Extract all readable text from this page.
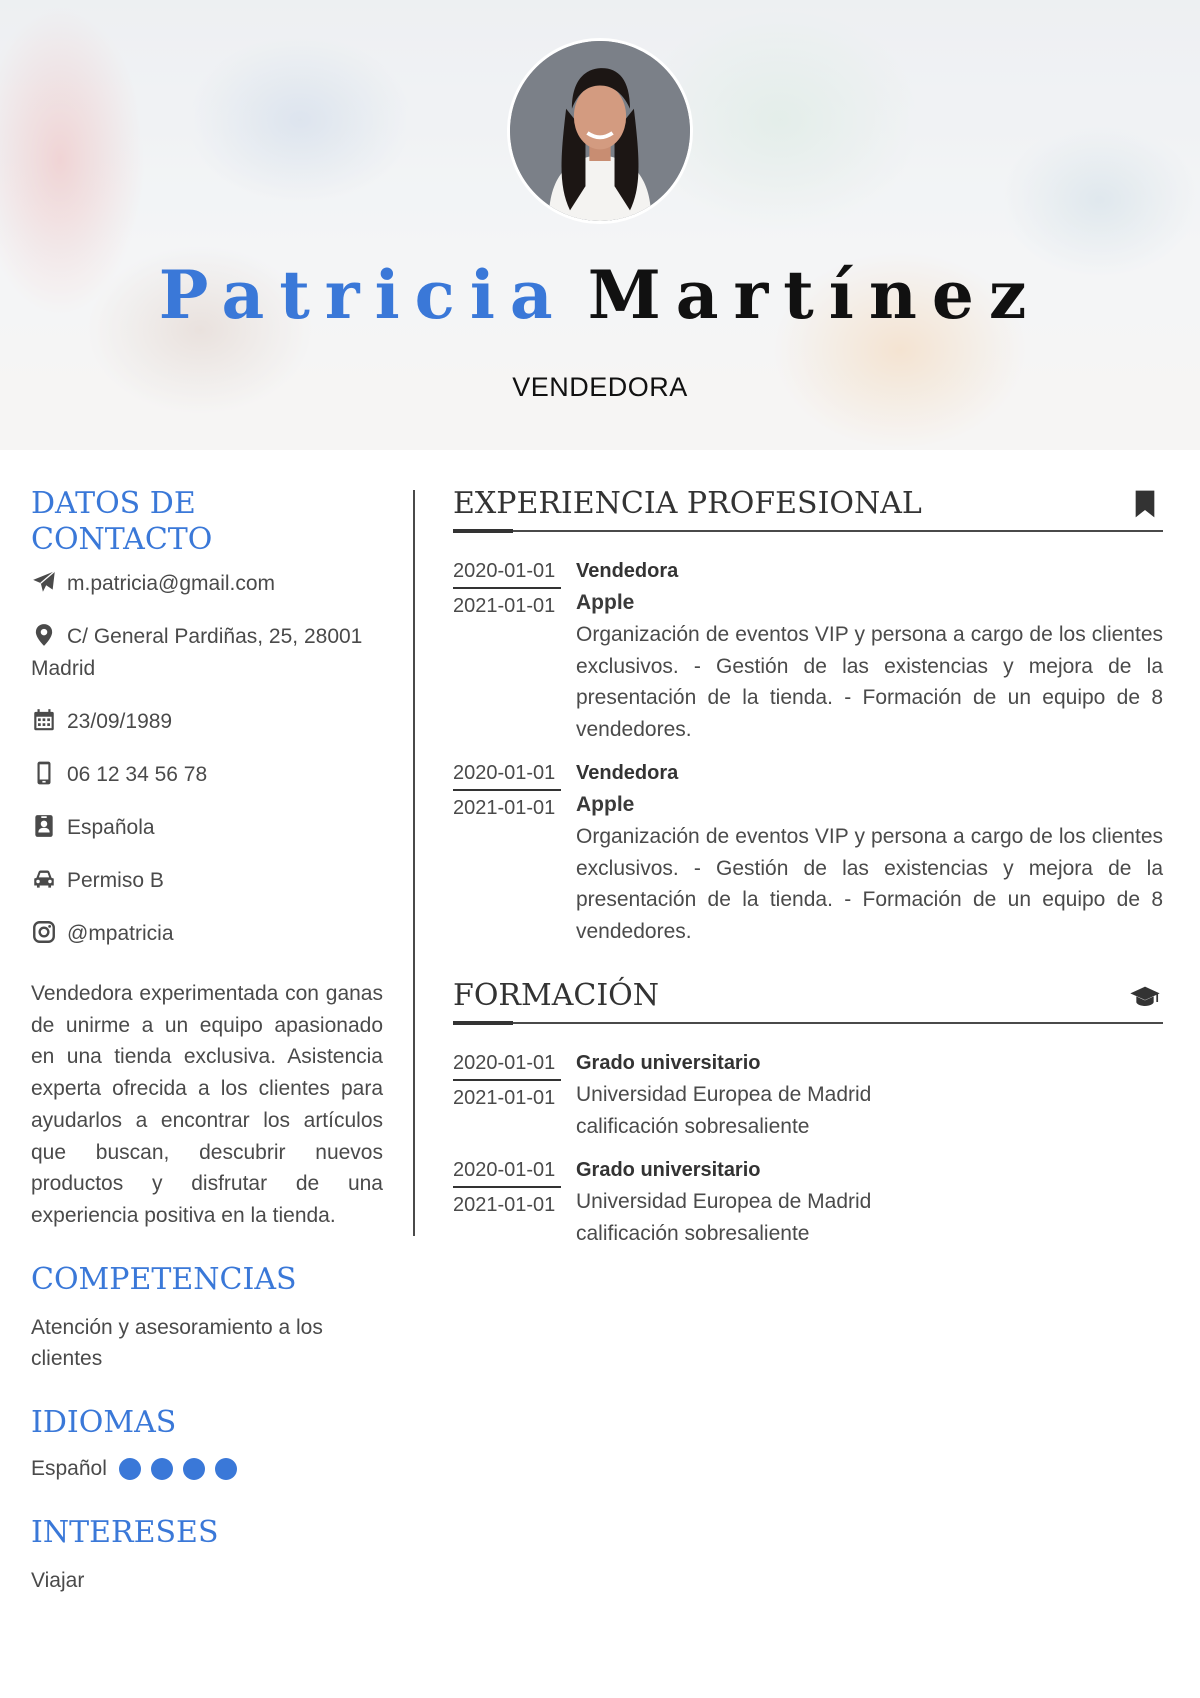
Patricia Martínez
VENDEDORA
DATOS DE CONTACTO
m.patricia@gmail.com
C/ General Pardiñas, 25, 28001 Madrid
23/09/1989
06 12 34 56 78
Española
Permiso B
@mpatricia
Vendedora experimentada con ganas de unirme a un equipo apasionado en una tienda exclusiva. Asistencia experta ofrecida a los clientes para ayudarlos a encontrar los artículos que buscan, descubrir nuevos productos y disfrutar de una experiencia positiva en la tienda.
COMPETENCIAS
Atención y asesoramiento a los clientes
IDIOMAS
Español
INTERESES
Viajar
EXPERIENCIA PROFESIONAL
2020-01-01
2021-01-01
Vendedora
Apple
Organización de eventos VIP y persona a cargo de los clientes exclusivos. - Gestión de las existencias y mejora de la presentación de la tienda. - Formación de un equipo de 8 vendedores.
2020-01-01
2021-01-01
Vendedora
Apple
Organización de eventos VIP y persona a cargo de los clientes exclusivos. - Gestión de las existencias y mejora de la presentación de la tienda. - Formación de un equipo de 8 vendedores.
FORMACIÓN
2020-01-01
2021-01-01
Grado universitario
Universidad Europea de Madrid
calificación sobresaliente
2020-01-01
2021-01-01
Grado universitario
Universidad Europea de Madrid
calificación sobresaliente
